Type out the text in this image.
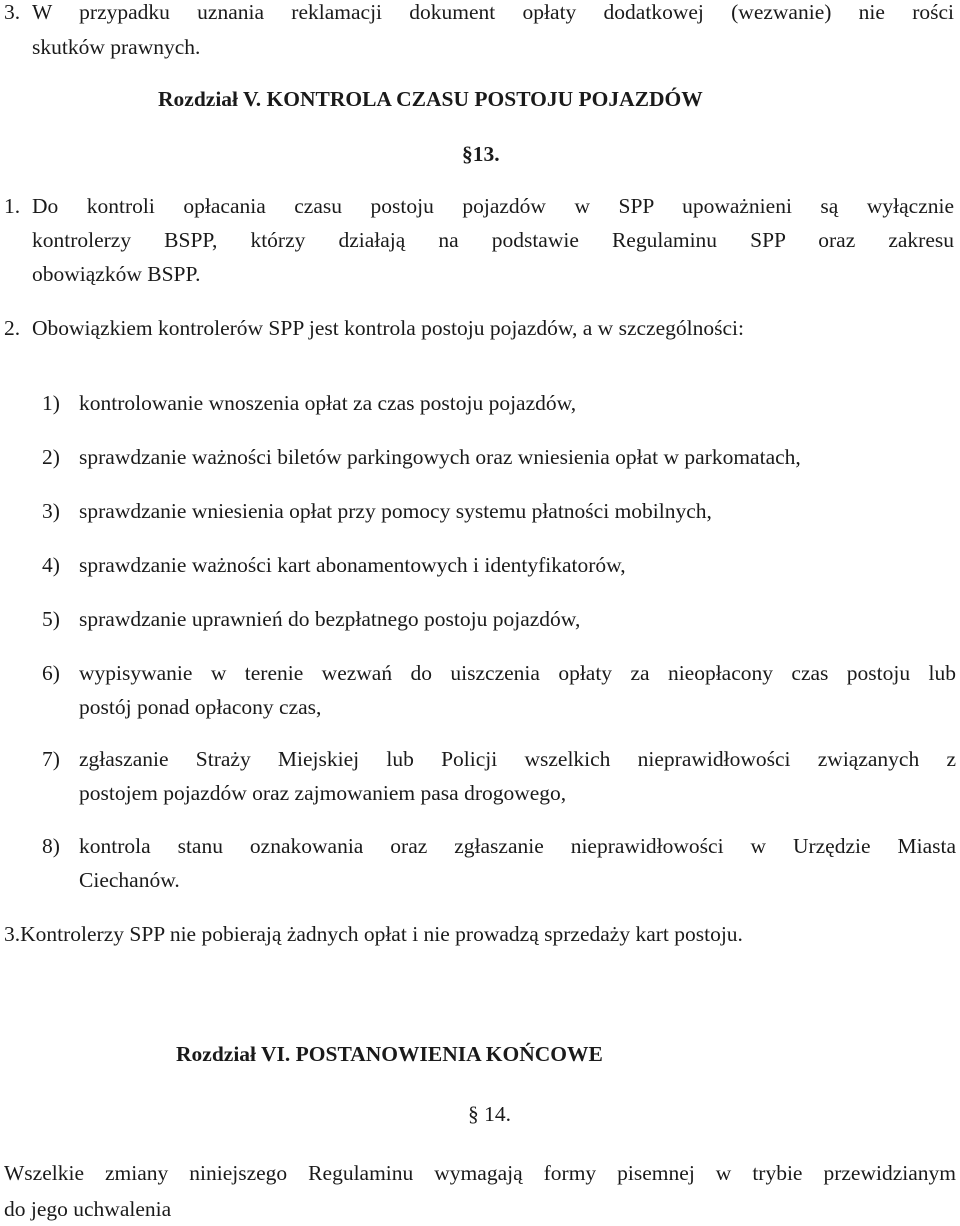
3. W przypadku uznania reklamacji dokument opłaty dodatkowej (wezwanie) nie rości
skutków prawnych.
Rozdział V. KONTROLA CZASU POSTOJU POJAZDÓW
§13.
1. Do kontroli opłacania czasu postoju pojazdów w SPP upoważnieni są wyłącznie
kontrolerzy BSPP, którzy działają na podstawie Regulaminu SPP oraz zakresu
obowiązków BSPP.
2. Obowiązkiem kontrolerów SPP jest kontrola postoju pojazdów, a w szczególności:
1) kontrolowanie wnoszenia opłat za czas postoju pojazdów,
2) sprawdzanie ważności biletów parkingowych oraz wniesienia opłat w parkomatach,
3) sprawdzanie wniesienia opłat przy pomocy systemu płatności mobilnych,
4) sprawdzanie ważności kart abonamentowych i identyfikatorów,
5) sprawdzanie uprawnień do bezpłatnego postoju pojazdów,
6) wypisywanie w terenie wezwań do uiszczenia opłaty za nieopłacony czas postoju lub
postój ponad opłacony czas,
7) zgłaszanie Straży Miejskiej lub Policji wszelkich nieprawidłowości związanych z
postojem pojazdów oraz zajmowaniem pasa drogowego,
8) kontrola stanu oznakowania oraz zgłaszanie nieprawidłowości w Urzędzie Miasta
Ciechanów.
3.Kontrolerzy SPP nie pobierają żadnych opłat i nie prowadzą sprzedaży kart postoju.
Rozdział VI. POSTANOWIENIA KOŃCOWE
§ 14.
Wszelkie zmiany niniejszego Regulaminu wymagają formy pisemnej w trybie przewidzianym
do jego uchwalenia
